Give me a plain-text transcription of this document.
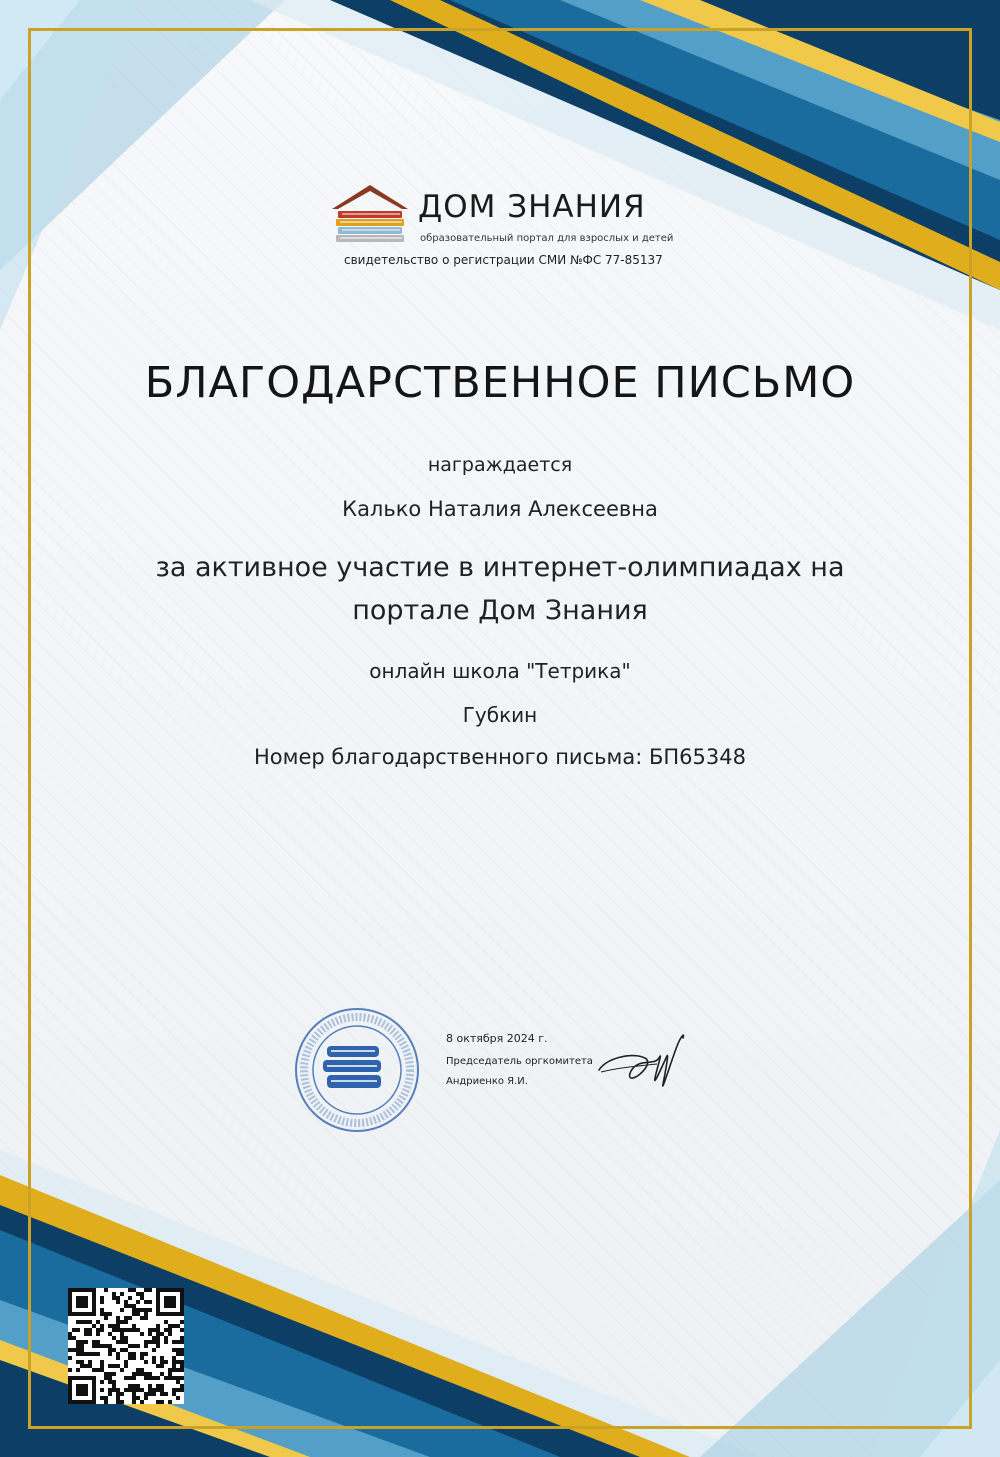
ДОМ ЗНАНИЯ
образовательный портал для взрослых и детей
свидетельство о регистрации СМИ №ФС 77-85137
БЛАГОДАРСТВЕННОЕ ПИСЬМО
награждается
Калько Наталия Алексеевна
за активное участие в интернет-олимпиадах на портале Дом Знания
онлайн школа "Тетрика"
Губкин
Номер благодарственного письма: БП65348
8 октября 2024 г.
Председатель оргкомитета
Андриенко Я.И.
